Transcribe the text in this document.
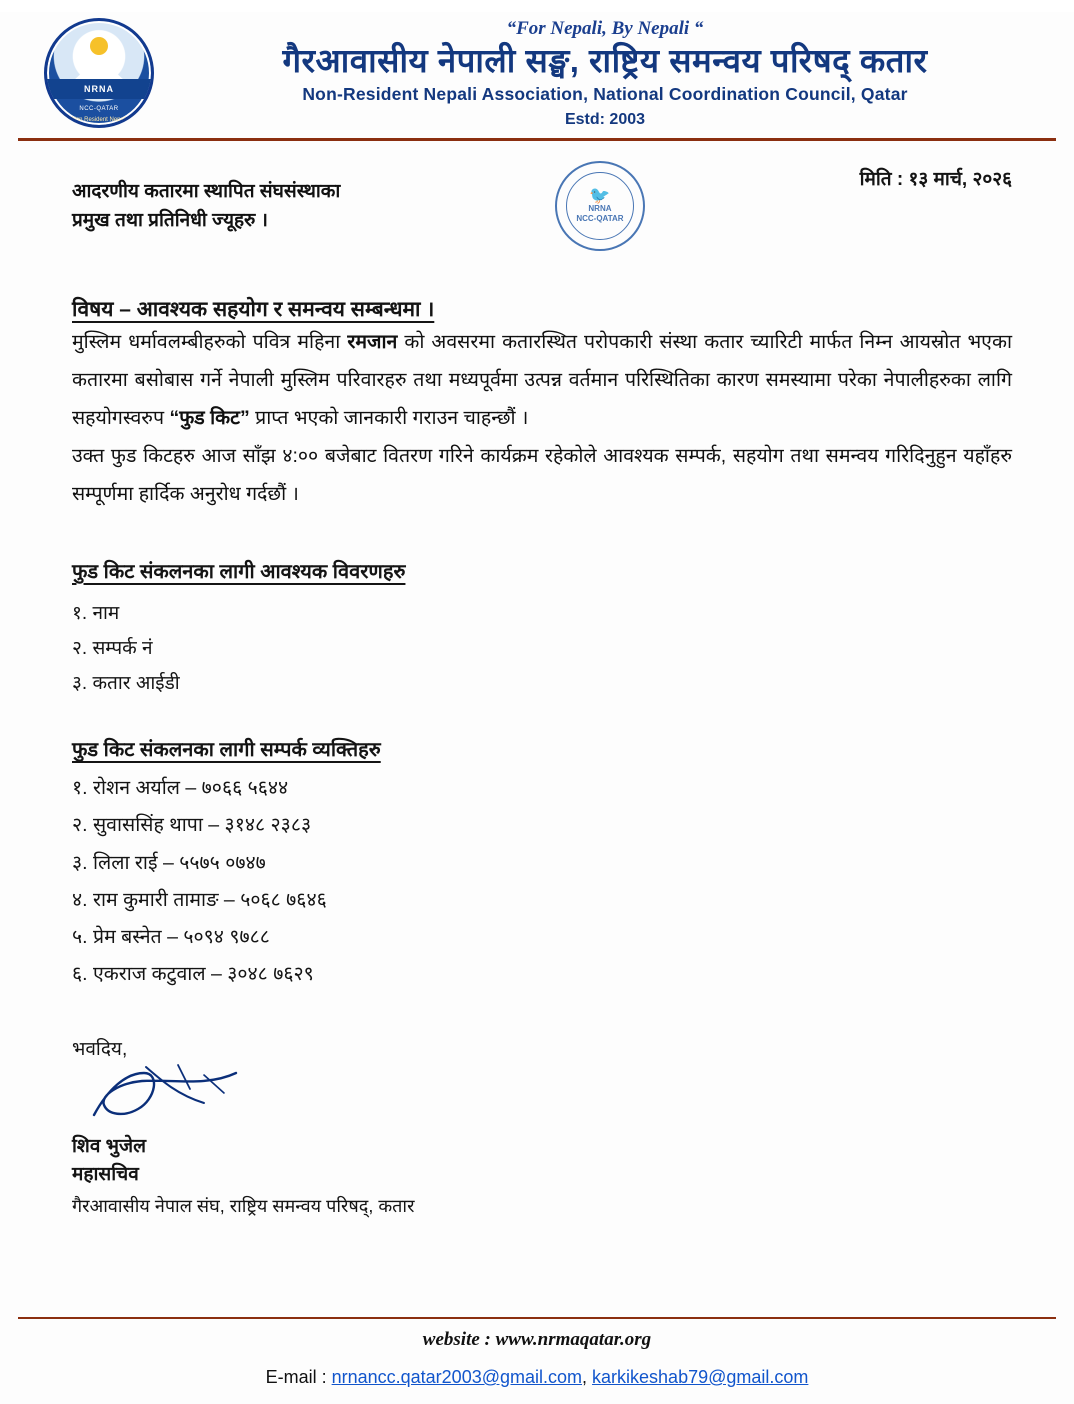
NRNA
NCC-QATAR
Non Resident Nepali
“For Nepali, By Nepali “
गैरआवासीय नेपाली सङ्घ, राष्ट्रिय समन्वय परिषद् कतार
Non-Resident Nepali Association, National Coordination Council, Qatar
Estd: 2003
आदरणीय कतारमा स्थापित संघसंस्थाका
प्रमुख तथा प्रतिनिधी ज्यूहरु ।
🐦
NRNA
NCC-QATAR
मिति : १३ मार्च, २०२६
विषय – आवश्यक सहयोग र समन्वय सम्बन्धमा ।

मुस्लिम धर्मावलम्बीहरुको पवित्र महिना रमजान को अवसरमा कतारस्थित परोपकारी संस्था कतार च्यारिटी मार्फत निम्न आयस्रोत भएका कतारमा बसोबास गर्ने नेपाली मुस्लिम परिवारहरु तथा मध्यपूर्वमा उत्पन्न वर्तमान परिस्थितिका कारण समस्यामा परेका नेपालीहरुका लागि सहयोगस्वरुप “फुड किट” प्राप्त भएको जानकारी गराउन चाहन्छौं ।

उक्त फुड किटहरु आज साँझ ४:०० बजेबाट वितरण गरिने कार्यक्रम रहेकोले आवश्यक सम्पर्क, सहयोग तथा समन्वय गरिदिनुहुन यहाँहरु सम्पूर्णमा हार्दिक अनुरोध गर्दछौं ।

फुड किट संकलनका लागी आवश्यक विवरणहरु
१. नाम
२. सम्पर्क नं
३. कतार आईडी
फुड किट संकलनका लागी सम्पर्क व्यक्तिहरु
१. रोशन अर्याल – ७०६६ ५६४४
२. सुवाससिंह थापा – ३१४८ २३८३
३. लिला राई – ५५७५ ०७४७
४. राम कुमारी तामाङ – ५०६८ ७६४६
५. प्रेम बस्नेत – ५०९४ ९७८८
६. एकराज कटुवाल – ३०४८ ७६२९
भवदिय,
शिव भुजेल
महासचिव
गैरआवासीय नेपाल संघ, राष्ट्रिय समन्वय परिषद्, कतार
website : www.nrmaqatar.org
E-mail : nrnancc.qatar2003@gmail.com, karkikeshab79@gmail.com
